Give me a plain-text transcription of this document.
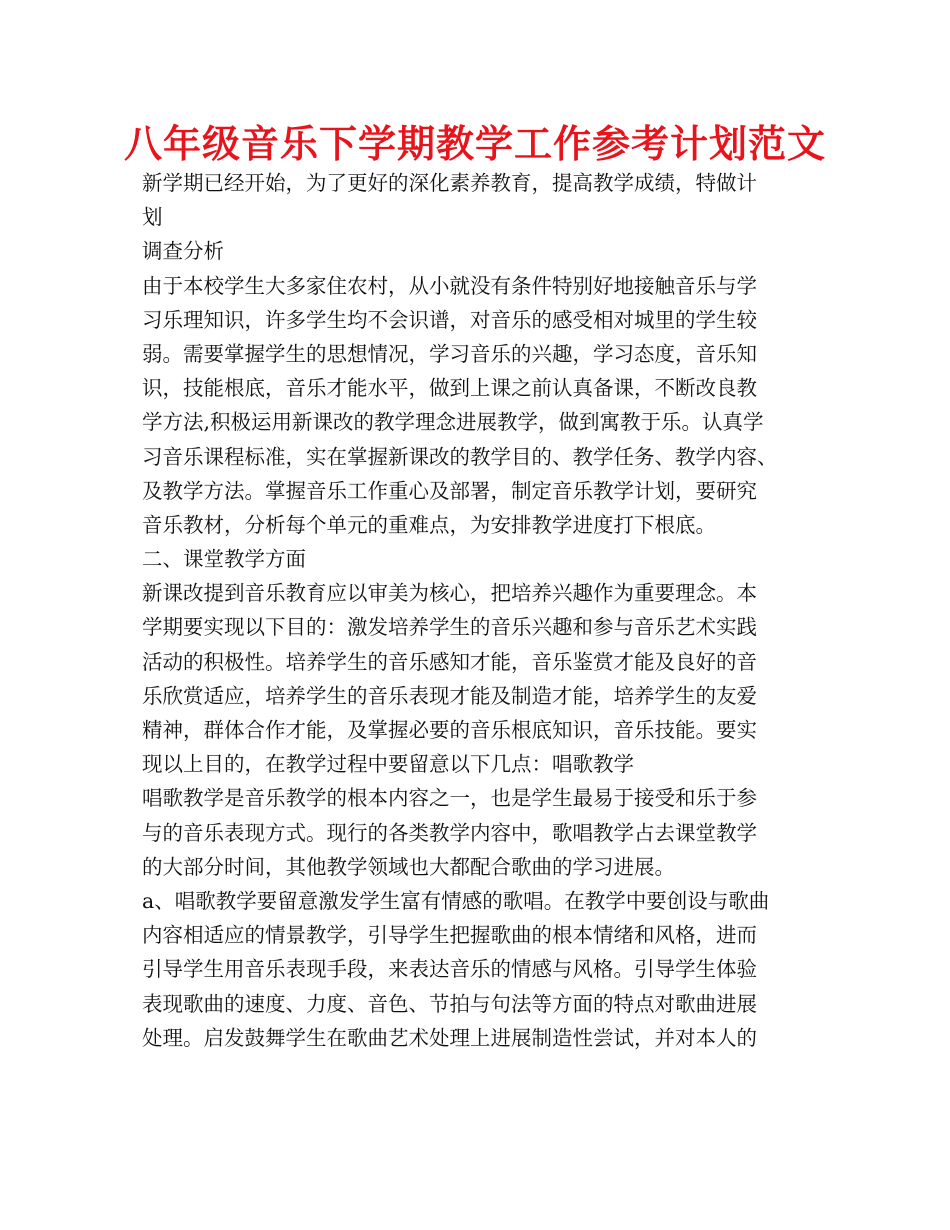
八年级音乐下学期教学工作参考计划范文
新学期已经开始，为了更好的深化素养教育，提高教学成绩，特做计
划
调查分析
由于本校学生大多家住农村，从小就没有条件特别好地接触音乐与学
习乐理知识，许多学生均不会识谱，对音乐的感受相对城里的学生较
弱。需要掌握学生的思想情况，学习音乐的兴趣，学习态度，音乐知
识，技能根底，音乐才能水平，做到上课之前认真备课，不断改良教
学方法,积极运用新课改的教学理念进展教学，做到寓教于乐。认真学
习音乐课程标准，实在掌握新课改的教学目的、教学任务、教学内容、
及教学方法。掌握音乐工作重心及部署，制定音乐教学计划，要研究
音乐教材，分析每个单元的重难点，为安排教学进度打下根底。
二、课堂教学方面
新课改提到音乐教育应以审美为核心，把培养兴趣作为重要理念。本
学期要实现以下目的：激发培养学生的音乐兴趣和参与音乐艺术实践
活动的积极性。培养学生的音乐感知才能，音乐鉴赏才能及良好的音
乐欣赏适应，培养学生的音乐表现才能及制造才能，培养学生的友爱
精神，群体合作才能，及掌握必要的音乐根底知识，音乐技能。要实
现以上目的，在教学过程中要留意以下几点：唱歌教学
唱歌教学是音乐教学的根本内容之一，也是学生最易于接受和乐于参
与的音乐表现方式。现行的各类教学内容中，歌唱教学占去课堂教学
的大部分时间，其他教学领域也大都配合歌曲的学习进展。
a、唱歌教学要留意激发学生富有情感的歌唱。在教学中要创设与歌曲
内容相适应的情景教学，引导学生把握歌曲的根本情绪和风格，进而
引导学生用音乐表现手段，来表达音乐的情感与风格。引导学生体验
表现歌曲的速度、力度、音色、节拍与句法等方面的特点对歌曲进展
处理。启发鼓舞学生在歌曲艺术处理上进展制造性尝试，并对本人的
